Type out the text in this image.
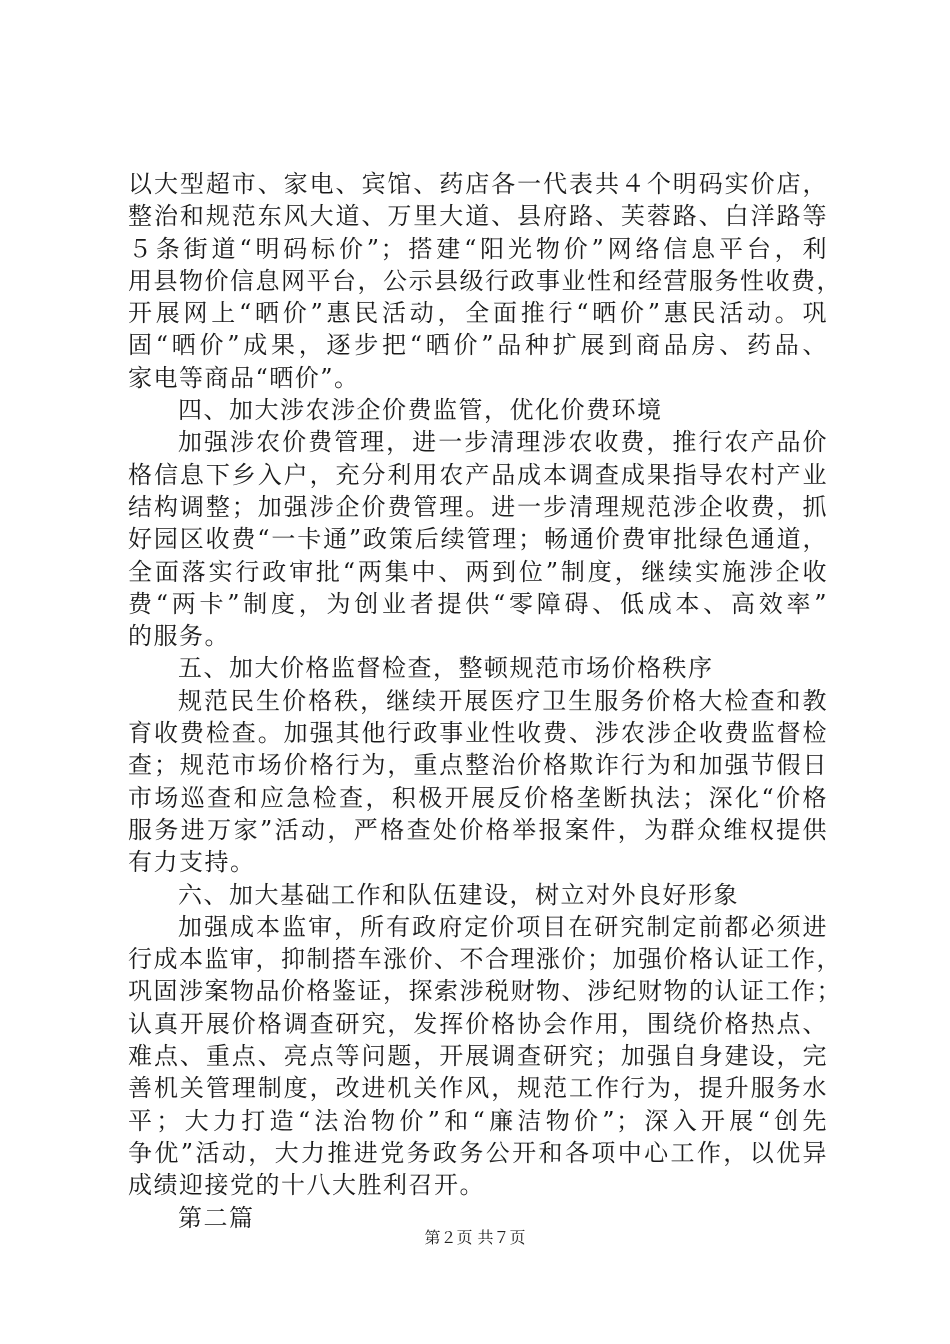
以大型超市、家电、宾馆、药店各一代表共４个明码实价店，
整治和规范东风大道、万里大道、县府路、芙蓉路、白洋路等
５条街道“明码标价”；搭建“阳光物价”网络信息平台，利
用县物价信息网平台，公示县级行政事业性和经营服务性收费，
开展网上“晒价”惠民活动，全面推行“晒价”惠民活动。巩
固“晒价”成果，逐步把“晒价”品种扩展到商品房、药品、
家电等商品“晒价”。
四、加大涉农涉企价费监管，优化价费环境
加强涉农价费管理，进一步清理涉农收费，推行农产品价
格信息下乡入户，充分利用农产品成本调查成果指导农村产业
结构调整；加强涉企价费管理。进一步清理规范涉企收费，抓
好园区收费“一卡通”政策后续管理；畅通价费审批绿色通道，
全面落实行政审批“两集中、两到位”制度，继续实施涉企收
费“两卡”制度，为创业者提供“零障碍、低成本、高效率”
的服务。
五、加大价格监督检查，整顿规范市场价格秩序
规范民生价格秩，继续开展医疗卫生服务价格大检查和教
育收费检查。加强其他行政事业性收费、涉农涉企收费监督检
查；规范市场价格行为，重点整治价格欺诈行为和加强节假日
市场巡查和应急检查，积极开展反价格垄断执法；深化“价格
服务进万家”活动，严格查处价格举报案件，为群众维权提供
有力支持。
六、加大基础工作和队伍建设，树立对外良好形象
加强成本监审，所有政府定价项目在研究制定前都必须进
行成本监审，抑制搭车涨价、不合理涨价；加强价格认证工作，
巩固涉案物品价格鉴证，探索涉税财物、涉纪财物的认证工作；
认真开展价格调查研究，发挥价格协会作用，围绕价格热点、
难点、重点、亮点等问题，开展调查研究；加强自身建设，完
善机关管理制度，改进机关作风，规范工作行为，提升服务水
平；大力打造“法治物价”和“廉洁物价”；深入开展“创先
争优”活动，大力推进党务政务公开和各项中心工作，以优异
成绩迎接党的十八大胜利召开。
第二篇
第２页 共７页
